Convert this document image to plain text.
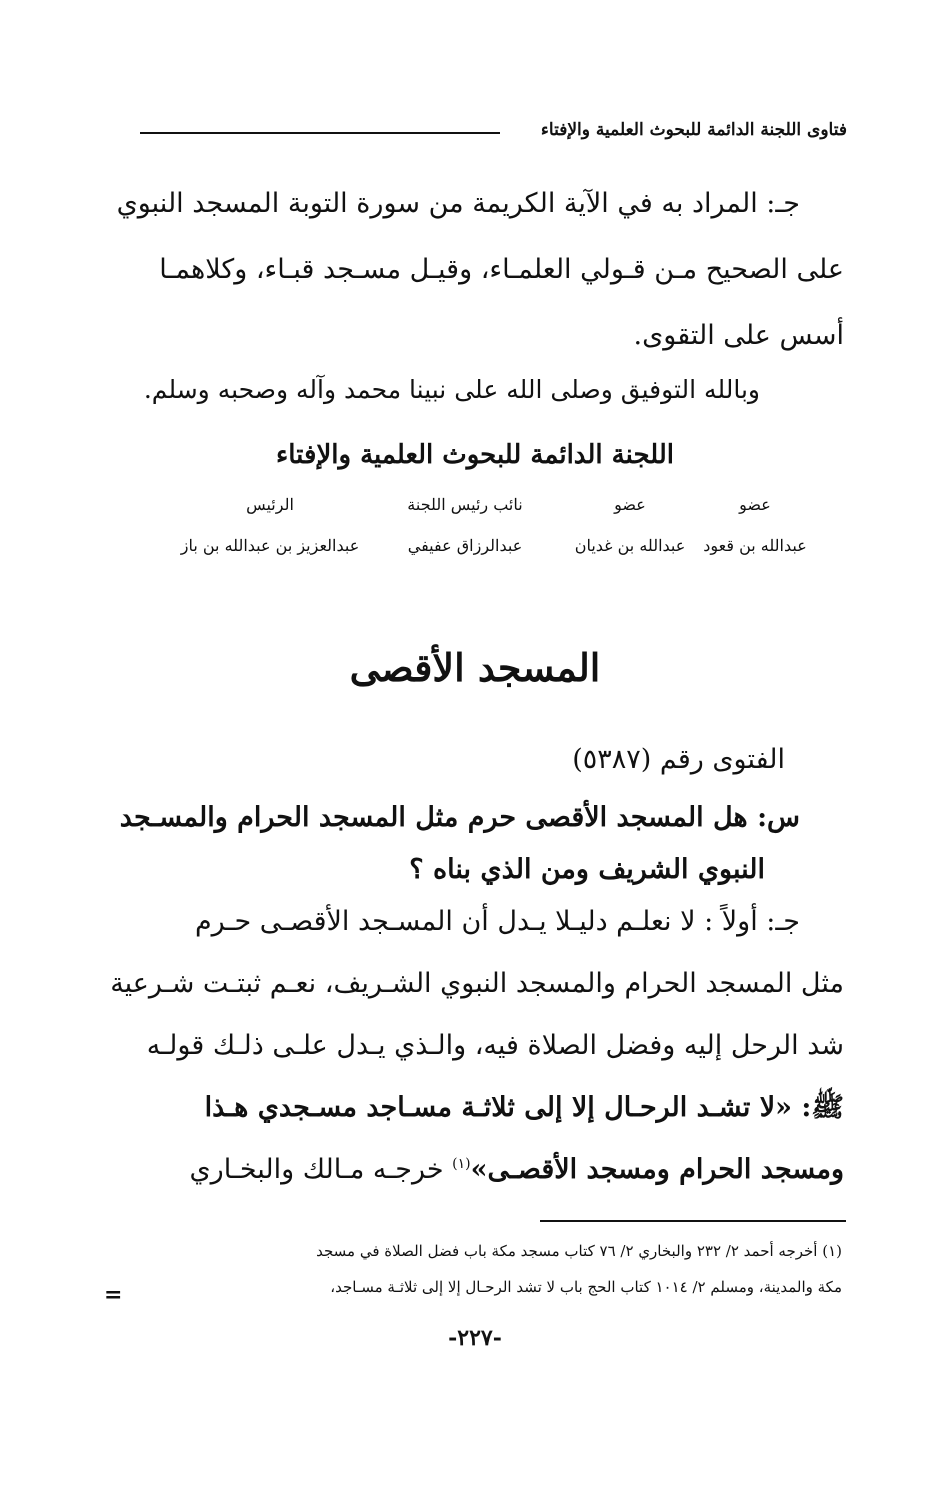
فتاوى اللجنة الدائمة للبحوث العلمية والإفتاء
جـ: المراد به في الآية الكريمة من سورة التوبة المسجد النبوي
على الصحيح مـن قـولي العلمـاء، وقيـل مسـجد قبـاء، وكلاهمـا
أسس على التقوى.
وبالله التوفيق وصلى الله على نبينا محمد وآله وصحبه وسلم.
اللجنة الدائمة للبحوث العلمية والإفتاء
عضو
عبدالله بن قعود
عضو
عبدالله بن غديان
نائب رئيس اللجنة
عبدالرزاق عفيفي
الرئيس
عبدالعزيز بن عبدالله بن باز
المسجد الأقصى
الفتوى رقم (٥٣٨٧)
س: هل المسجد الأقصى حرم مثل المسجد الحرام والمسـجد
النبوي الشريف ومن الذي بناه ؟
جـ: أولاً : لا نعلـم دليـلا يـدل أن المسـجد الأقصـى حـرم
مثل المسجد الحرام والمسجد النبوي الشـريف، نعـم ثبتـت شـرعية
شد الرحل إليه وفضل الصلاة فيه، والـذي يـدل علـى ذلـك قولـه
ﷺ: «لا تشـد الرحـال إلا إلى ثلاثـة مسـاجد مسـجدي هـذا
ومسجد الحرام ومسجد الأقصـى»$^{(١)}$ خرجـه مـالك والبخـاري
(١) أخرجه أحمد ٢/ ٢٣٢ والبخاري ٢/ ٧٦ كتاب مسجد مكة باب فضل الصلاة في مسجد
مكة والمدينة، ومسلم ٢/ ١٠١٤ كتاب الحج باب لا تشد الرحـال إلا إلى ثلاثـة مسـاجد،
=
-٢٢٧-
